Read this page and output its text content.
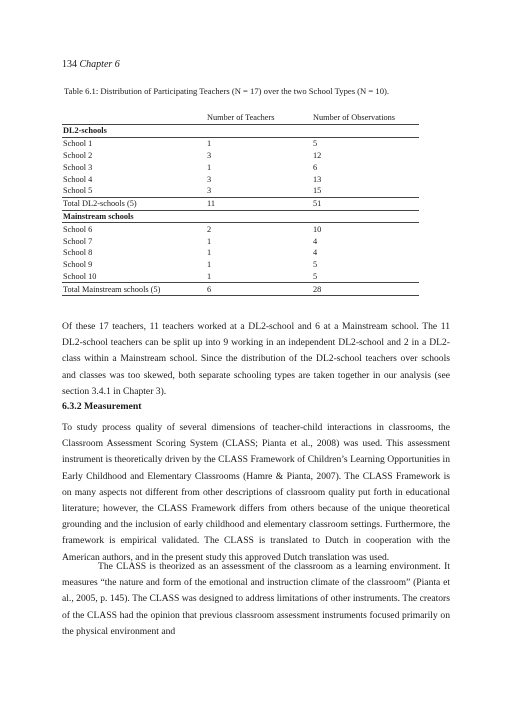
134 Chapter 6
Table 6.1: Distribution of Participating Teachers (N = 17) over the two School Types (N = 10).
	Number of Teachers	Number of Observations
DL2-schools		
School 1	1	5
School 2	3	12
School 3	1	6
School 4	3	13
School 5	3	15
Total DL2-schools (5)	11	51
Mainstream schools		
School 6	2	10
School 7	1	4
School 8	1	4
School 9	1	5
School 10	1	5
Total Mainstream schools (5)	6	28

Of these 17 teachers, 11 teachers worked at a DL2-school and 6 at a Mainstream school. The 11 DL2-school teachers can be split up into 9 working in an independent DL2-school and 2 in a DL2-class within a Mainstream school. Since the distribution of the DL2-school teachers over schools and classes was too skewed, both separate schooling types are taken together in our analysis (see section 3.4.1 in Chapter 3).

6.3.2 Measurement

To study process quality of several dimensions of teacher-child interactions in classrooms, the Classroom Assessment Scoring System (CLASS; Pianta et al., 2008) was used. This assessment instrument is theoretically driven by the CLASS Framework of Children’s Learning Opportunities in Early Childhood and Elementary Classrooms (Hamre & Pianta, 2007). The CLASS Framework is on many aspects not different from other descriptions of classroom quality put forth in educational literature; however, the CLASS Framework differs from others because of the unique theoretical grounding and the inclusion of early childhood and elementary classroom settings. Furthermore, the framework is empirical validated. The CLASS is translated to Dutch in cooperation with the American authors, and in the present study this approved Dutch translation was used.

The CLASS is theorized as an assessment of the classroom as a learning environment. It measures “the nature and form of the emotional and instruction climate of the classroom” (Pianta et al., 2005, p. 145). The CLASS was designed to address limitations of other instruments. The creators of the CLASS had the opinion that previous classroom assessment instruments focused primarily on the physical environment and
